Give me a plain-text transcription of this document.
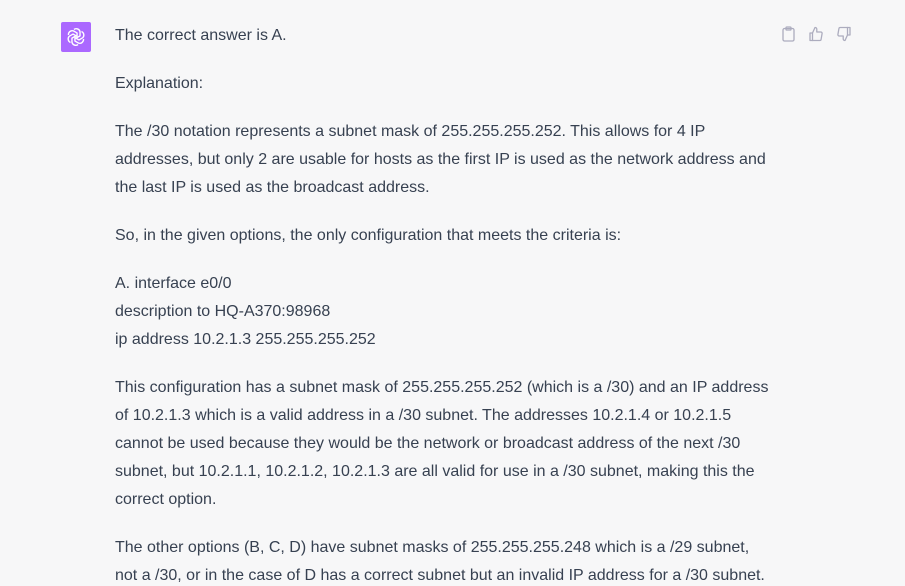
The correct answer is A.

Explanation:

The /30 notation represents a subnet mask of 255.255.255.252. This allows for 4 IP addresses, but only 2 are usable for hosts as the first IP is used as the network address and the last IP is used as the broadcast address.

So, in the given options, the only configuration that meets the criteria is:

A. interface e0/0
description to HQ-A370:98968
ip address 10.2.1.3 255.255.255.252

This configuration has a subnet mask of 255.255.255.252 (which is a /30) and an IP address of 10.2.1.3 which is a valid address in a /30 subnet. The addresses 10.2.1.4 or 10.2.1.5 cannot be used because they would be the network or broadcast address of the next /30 subnet, but 10.2.1.1, 10.2.1.2, 10.2.1.3 are all valid for use in a /30 subnet, making this the correct option.

The other options (B, C, D) have subnet masks of 255.255.255.248 which is a /29 subnet, not a /30, or in the case of D has a correct subnet but an invalid IP address for a /30 subnet.
